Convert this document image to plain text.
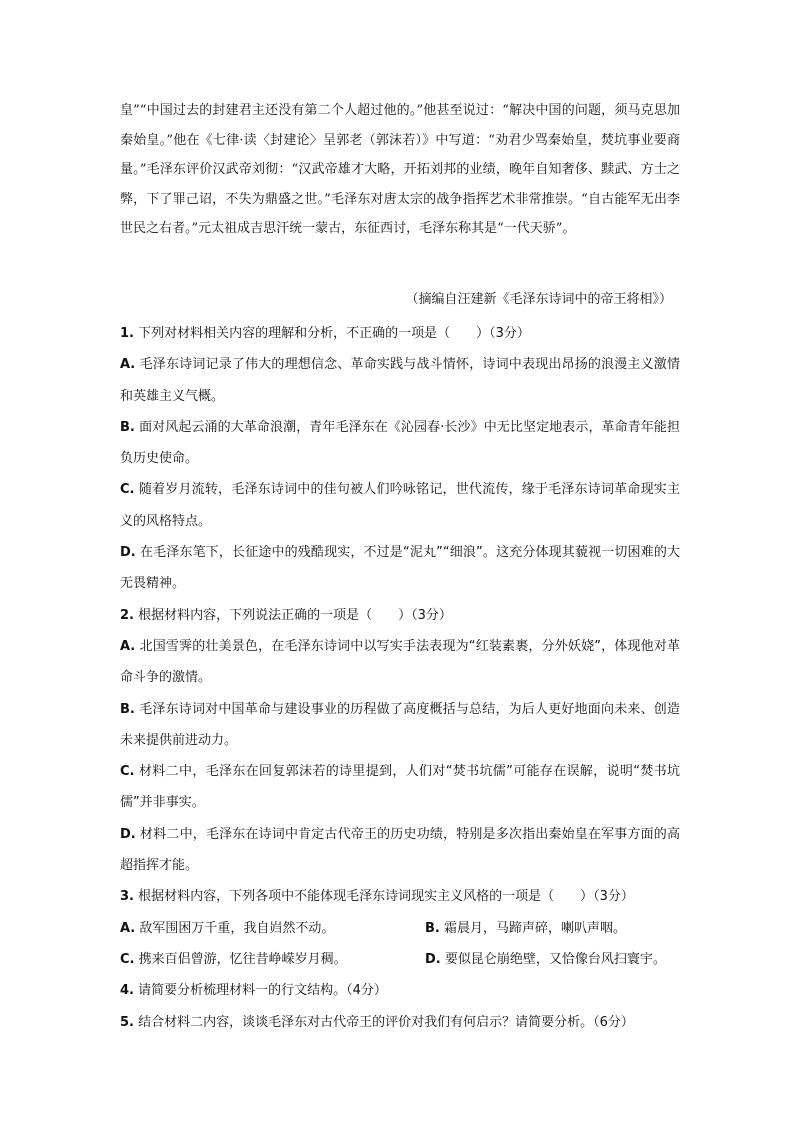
皇”“中国过去的封建君主还没有第二个人超过他的。”他甚至说过：“解决中国的问题，须马克思加秦始皇。”他在《七律·读〈封建论〉呈郭老（郭沫若）》中写道：“劝君少骂秦始皇，焚坑事业要商量。”毛泽东评价汉武帝刘彻：“汉武帝雄才大略，开拓刘邦的业绩，晚年自知奢侈、黩武、方士之弊，下了罪己诏，不失为鼎盛之世。”毛泽东对唐太宗的战争指挥艺术非常推崇。“自古能军无出李世民之右者。”元太祖成吉思汗统一蒙古，东征西讨，毛泽东称其是“一代天骄”。

（摘编自汪建新《毛泽东诗词中的帝王将相》）

1. 下列对材料相关内容的理解和分析，不正确的一项是（　　）（3分）

A. 毛泽东诗词记录了伟大的理想信念、革命实践与战斗情怀，诗词中表现出昂扬的浪漫主义激情和英雄主义气概。

B. 面对风起云涌的大革命浪潮，青年毛泽东在《沁园春·长沙》中无比坚定地表示，革命青年能担负历史使命。

C. 随着岁月流转，毛泽东诗词中的佳句被人们吟咏铭记，世代流传，缘于毛泽东诗词革命现实主义的风格特点。

D. 在毛泽东笔下，长征途中的残酷现实，不过是“泥丸”“细浪”。这充分体现其藐视一切困难的大无畏精神。

2. 根据材料内容，下列说法正确的一项是（　　）（3分）

A. 北国雪霁的壮美景色，在毛泽东诗词中以写实手法表现为“红装素裹，分外妖娆”，体现他对革命斗争的激情。

B. 毛泽东诗词对中国革命与建设事业的历程做了高度概括与总结，为后人更好地面向未来、创造未来提供前进动力。

C. 材料二中，毛泽东在回复郭沫若的诗里提到，人们对“焚书坑儒”可能存在误解，说明“焚书坑儒”并非事实。

D. 材料二中，毛泽东在诗词中肯定古代帝王的历史功绩，特别是多次指出秦始皇在军事方面的高超指挥才能。

3. 根据材料内容，下列各项中不能体现毛泽东诗词现实主义风格的一项是（　　）（3分）

A. 敌军围困万千重，我自岿然不动。	B. 霜晨月，马蹄声碎，喇叭声咽。

C. 携来百侣曾游，忆往昔峥嵘岁月稠。	D. 要似昆仑崩绝壁，又恰像台风扫寰宇。

4. 请简要分析梳理材料一的行文结构。（4分）

5. 结合材料二内容，谈谈毛泽东对古代帝王的评价对我们有何启示？请简要分析。（6分）
